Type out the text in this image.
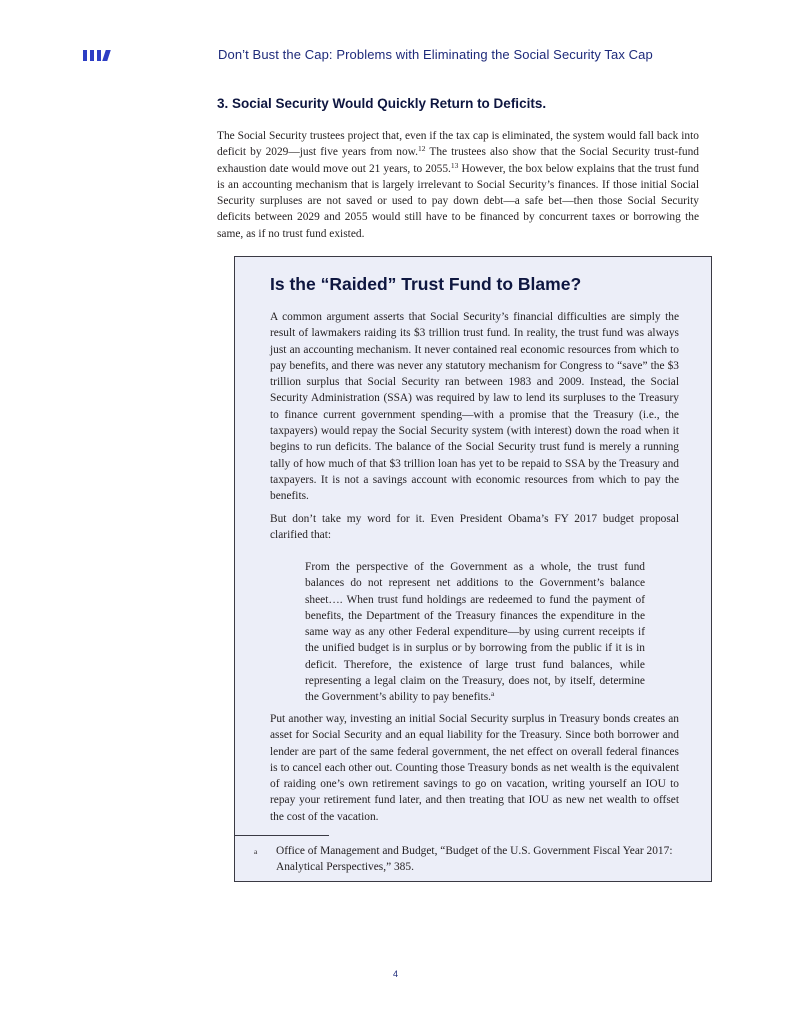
Don’t Bust the Cap: Problems with Eliminating the Social Security Tax Cap
3. Social Security Would Quickly Return to Deficits.

The Social Security trustees project that, even if the tax cap is eliminated, the system would fall back into deficit by 2029—just five years from now.$^{12}$ The trustees also show that the Social Security trust-fund exhaustion date would move out 21 years, to 2055.13 However, the box below explains that the trust fund is an accounting mechanism that is largely irrelevant to Social Security’s finances. If those initial Social Security surpluses are not saved or used to pay down debt—a safe bet—then those Social Security deficits between 2029 and 2055 would still have to be financed by concurrent taxes or borrowing the same, as if no trust fund existed.

Is the “Raided” Trust Fund to Blame?

A common argument asserts that Social Security’s financial difficulties are simply the result of lawmakers raiding its $3 trillion trust fund. In reality, the trust fund was always just an accounting mechanism. It never contained real economic resources from which to pay benefits, and there was never any statutory mechanism for Congress to “save” the $3 trillion surplus that Social Security ran between 1983 and 2009. Instead, the Social Security Administration (SSA) was required by law to lend its surpluses to the Treasury to finance current government spending—with a promise that the Treasury (i.e., the taxpayers) would repay the Social Security system (with interest) down the road when it begins to run deficits. The balance of the Social Security trust fund is merely a running tally of how much of that $3 trillion loan has yet to be repaid to SSA by the Treasury and taxpayers. It is not a savings account with economic resources from which to pay the benefits.

But don’t take my word for it. Even President Obama’s FY 2017 budget proposal clarified that:

From the perspective of the Government as a whole, the trust fund balances do not represent net additions to the Government’s balance sheet…. When trust fund holdings are redeemed to fund the payment of benefits, the Department of the Treasury finances the expenditure in the same way as any other Federal expenditure—by using current receipts if the unified budget is in surplus or by borrowing from the public if it is in deficit. Therefore, the existence of large trust fund balances, while representing a legal claim on the Treasury, does not, by itself, determine the Government’s ability to pay benefits.$^a$

Put another way, investing an initial Social Security surplus in Treasury bonds creates an asset for Social Security and an equal liability for the Treasury. Since both borrower and lender are part of the same federal government, the net effect on overall federal finances is to cancel each other out. Counting those Treasury bonds as net wealth is the equivalent of raiding one’s own retirement savings to go on vacation, writing yourself an IOU to repay your retirement fund later, and then treating that IOU as new net wealth to offset the cost of the vacation.

a Office of Management and Budget, “Budget of the U.S. Government Fiscal Year 2017: Analytical Perspectives,” 385.

4
